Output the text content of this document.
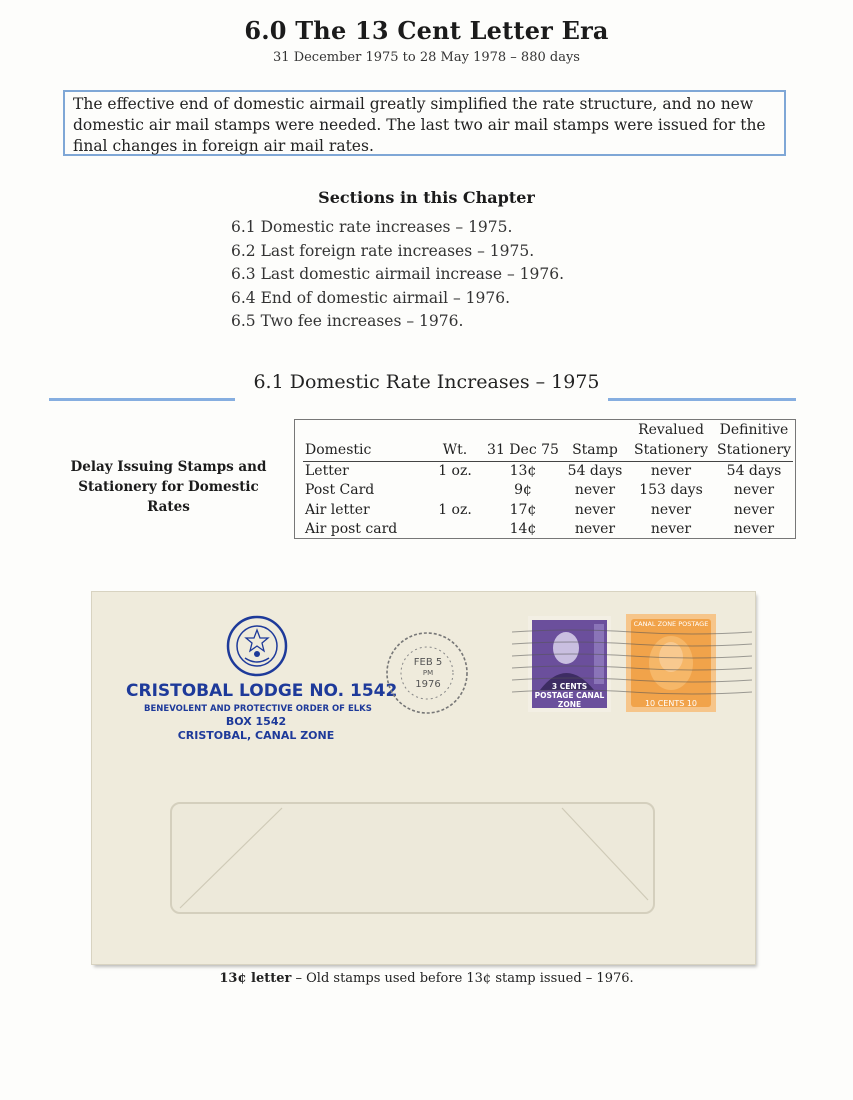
6.0 The 13 Cent Letter Era
31 December 1975 to 28 May 1978 – 880 days
The effective end of domestic airmail greatly simplified the rate structure, and no new domestic air mail stamps were needed. The last two air mail stamps were issued for the final changes in foreign air mail rates.
Sections in this Chapter
6.1 Domestic rate increases – 1975.
6.2 Last foreign rate increases – 1975.
6.3 Last domestic airmail increase – 1976.
6.4 End of domestic airmail – 1976.
6.5 Two fee increases – 1976.
6.1 Domestic Rate Increases – 1975
Delay Issuing Stamps and
Stationery for Domestic Rates
				Revalued	Definitive
Domestic	Wt.	31 Dec 75	Stamp	Stationery	Stationery
Letter	1 oz.	13¢	54 days	never	54 days
Post Card		9¢	never	153 days	never
Air letter	1 oz.	17¢	never	never	never
Air post card		14¢	never	never	never
CRISTOBAL LODGE NO. 1542
BENEVOLENT AND PROTECTIVE ORDER OF ELKS
BOX 1542
CRISTOBAL, CANAL ZONE
FEB 5
PM
1976	3 CENTS POSTAGE CANAL ZONE
CANAL ZONE POSTAGE
10 CENTS 10
13¢ letter – Old stamps used before 13¢ stamp issued – 1976.
